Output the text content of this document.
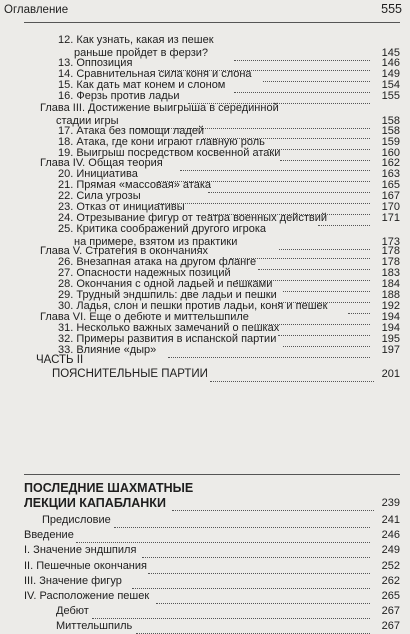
Оглавление	555
12. Как узнать, какая из пешек
раньше пройдет в ферзи?	145
13. Оппозиция	146
14. Сравнительная сила коня и слона	149
15. Как дать мат конем и слоном	154
16. Ферзь против ладьи	155
Глава III. Достижение выигрыша в серединной
стадии игры	158
17. Атака без помощи ладей	158
18. Атака, где кони играют главную роль	159
19. Выигрыш посредством косвенной атаки	160
Глава IV. Общая теория	162
20. Инициатива	163
21. Прямая «массовая» атака	165
22. Сила угрозы	167
23. Отказ от инициативы	170
24. Отрезывание фигур от театра военных действий	171
25. Критика соображений другого игрока
на примере, взятом из практики	173
Глава V. Стратегия в окончаниях	178
26. Внезапная атака на другом фланге	178
27. Опасности надежных позиций	183
28. Окончания с одной ладьей и пешками	184
29. Трудный эндшпиль: две ладьи и пешки	188
30. Ладья, слон и пешки против ладьи, коня и пешек	192
Глава VI. Еще о дебюте и миттельшпиле	194
31. Несколько важных замечаний о пешках	194
32. Примеры развития в испанской партии	195
33. Влияние «дыр»	197
ЧАСТЬ II
ПОЯСНИТЕЛЬНЫЕ ПАРТИИ	201
ПОСЛЕДНИЕ ШАХМАТНЫЕ
ЛЕКЦИИ КАПАБЛАНКИ	239
Предисловие	241
Введение	246
I. Значение эндшпиля	249
II. Пешечные окончания	252
III. Значение фигур	262
IV. Расположение пешек	265
Дебют	267
Миттельшпиль	267
